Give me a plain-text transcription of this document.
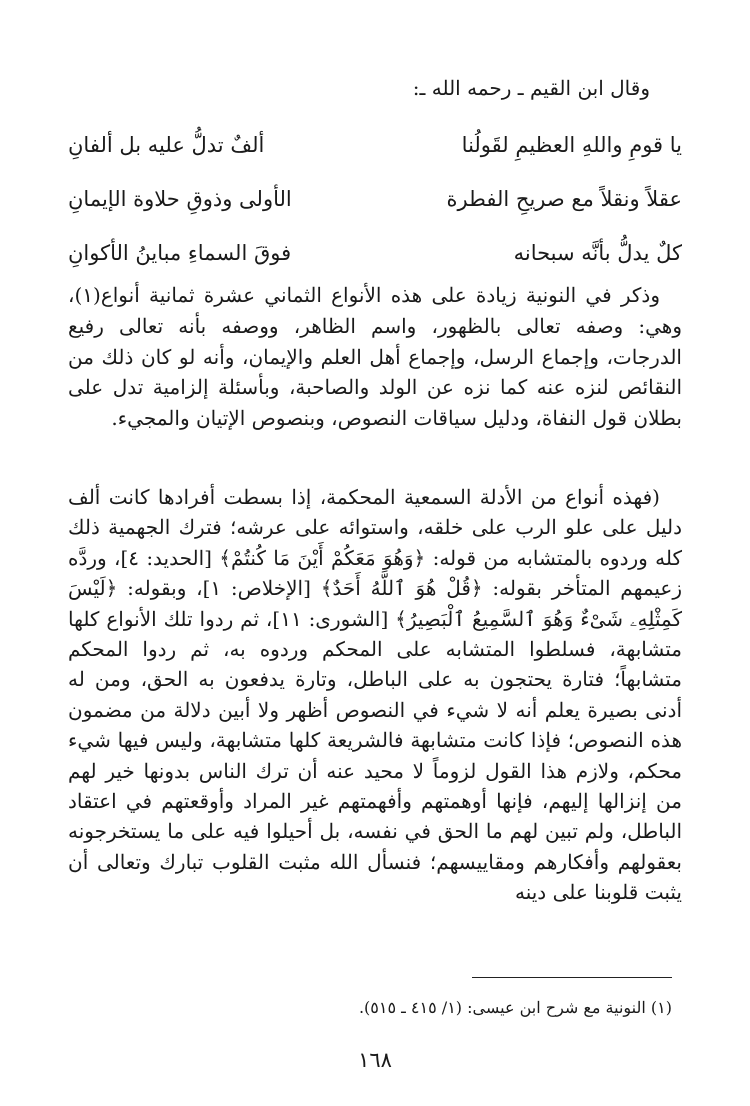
وقال ابن القيم ـ رحمه الله ـ:
يا قومِ واللهِ العظيمِ لقَولُنا
ألفٌ تدلُّ عليه بل ألفانِ
عقلاً ونقلاً مع صريحِ الفطرة
الأولى وذوقِ حلاوة الإيمانِ
كلٌ يدلُّ بأنَّه سبحانه
فوقَ السماءِ مباينُ الأكوانِ

وذكر في النونية زيادة على هذه الأنواع الثماني عشرة ثمانية أنواع(١)، وهي: وصفه تعالى بالظهور، واسم الظاهر، ووصفه بأنه تعالى رفيع الدرجات، وإجماع الرسل، وإجماع أهل العلم والإيمان، وأنه لو كان ذلك من النقائص لنزه عنه كما نزه عن الولد والصاحبة، وبأسئلة إلزامية تدل على بطلان قول النفاة، ودليل سياقات النصوص، وبنصوص الإتيان والمجيء.

(فهذه أنواع من الأدلة السمعية المحكمة، إذا بسطت أفرادها كانت ألف دليل على علو الرب على خلقه، واستوائه على عرشه؛ فترك الجهمية ذلك كله وردوه بالمتشابه من قوله: ﴿وَهُوَ مَعَكُمْ أَيْنَ مَا كُنتُمْ﴾ [الحديد: ٤]، وردَّه زعيمهم المتأخر بقوله: ﴿قُلْ هُوَ ٱللَّهُ أَحَدٌ﴾ [الإخلاص: ١]، وبقوله: ﴿لَيْسَ كَمِثْلِهِۦ شَىْءٌ وَهُوَ ٱلسَّمِيعُ ٱلْبَصِيرُ﴾ [الشورى: ١١]، ثم ردوا تلك الأنواع كلها متشابهة، فسلطوا المتشابه على المحكم وردوه به، ثم ردوا المحكم متشابهاً؛ فتارة يحتجون به على الباطل، وتارة يدفعون به الحق، ومن له أدنى بصيرة يعلم أنه لا شيء في النصوص أظهر ولا أبين دلالة من مضمون هذه النصوص؛ فإذا كانت متشابهة فالشريعة كلها متشابهة، وليس فيها شيء محكم، ولازم هذا القول لزوماً لا محيد عنه أن ترك الناس بدونها خير لهم من إنزالها إليهم، فإنها أوهمتهم وأفهمتهم غير المراد وأوقعتهم في اعتقاد الباطل، ولم تبين لهم ما الحق في نفسه، بل أحيلوا فيه على ما يستخرجونه بعقولهم وأفكارهم ومقاييسهم؛ فنسأل الله مثبت القلوب تبارك وتعالى أن يثبت قلوبنا على دينه

(١) النونية مع شرح ابن عيسى: (١/ ٤١٥ ـ ٥١٥).
١٦٨
